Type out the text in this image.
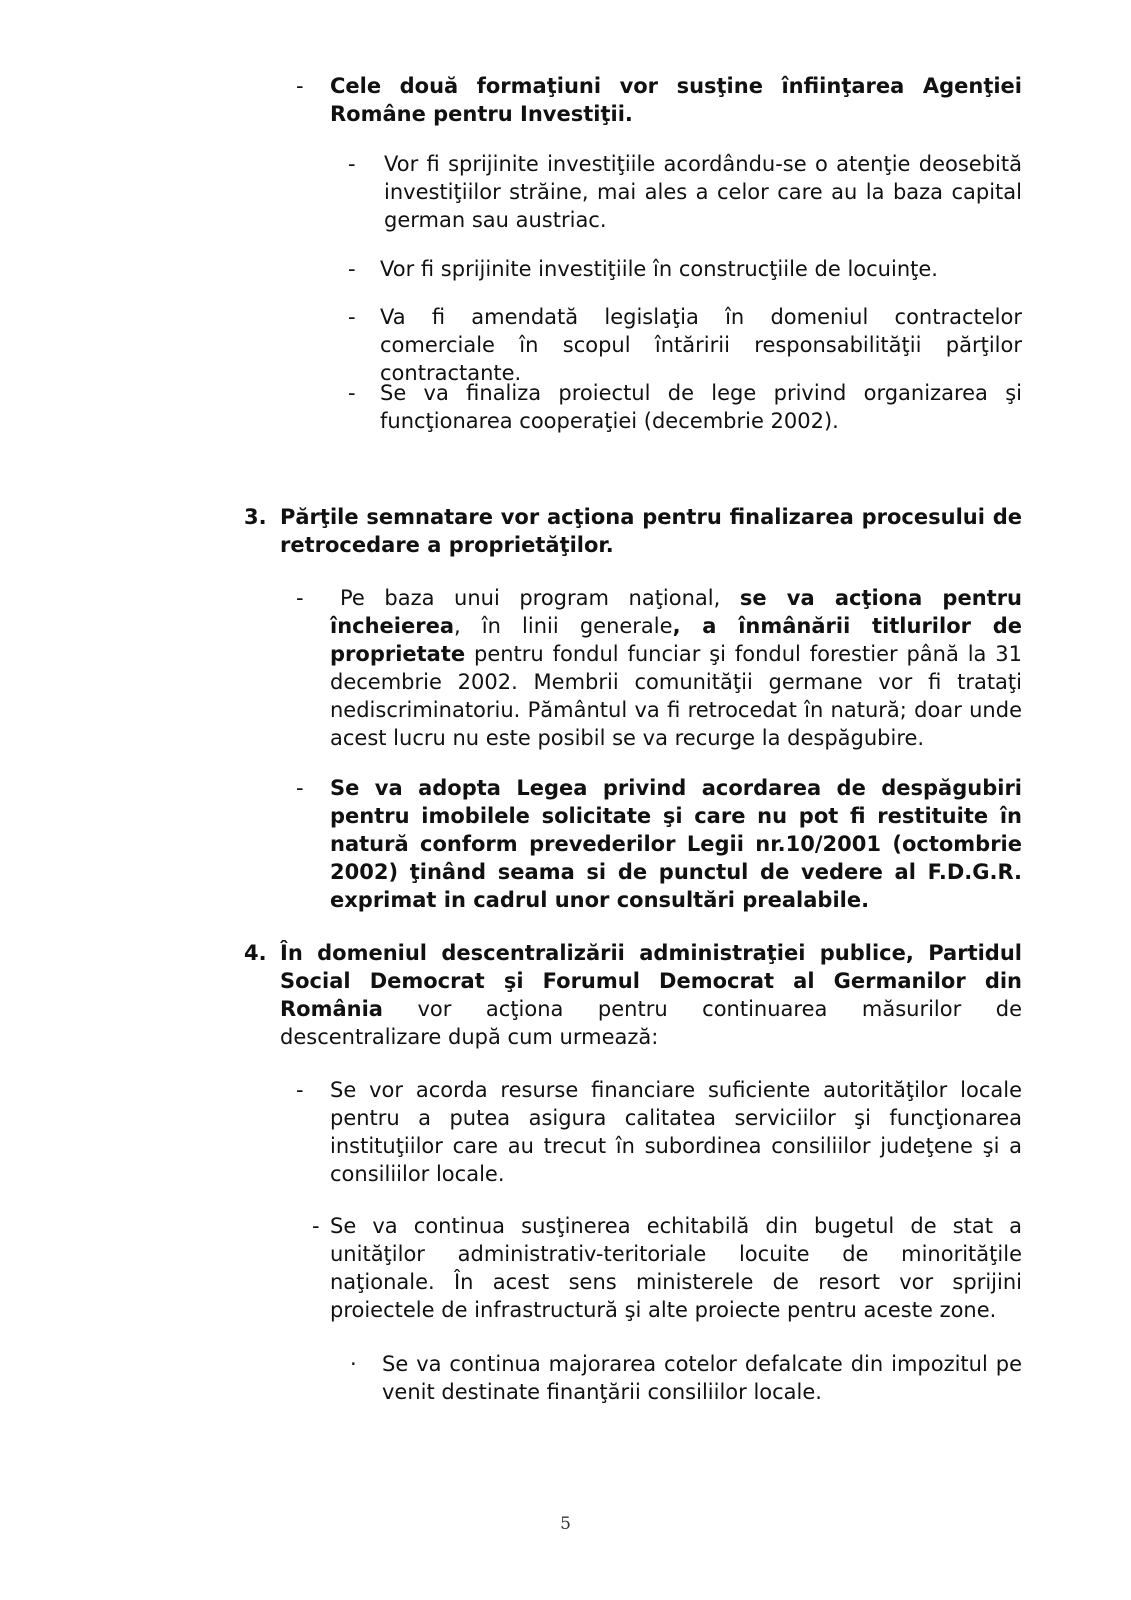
- Cele două formaţiuni vor susţine înfiinţarea Agenţiei Române pentru Investiţii.
- Vor fi sprijinite investiţiile acordându-se o atenţie deosebită investiţiilor străine, mai ales a celor care au la baza capital german sau austriac.
- Vor fi sprijinite investiţiile în construcţiile de locuinţe.
- Va fi amendată legislaţia în domeniul contractelor comerciale în scopul întăririi responsabilităţii părţilor contractante.
- Se va finaliza proiectul de lege privind organizarea şi funcţionarea cooperaţiei (decembrie 2002).
3. Părţile semnatare vor acţiona pentru finalizarea procesului de retrocedare a proprietăţilor.
-	Pe baza unui program naţional, se va acţiona pentru încheierea, în linii generale, a înmânării titlurilor de proprietate pentru fondul funciar şi fondul forestier până la 31 decembrie 2002. Membrii comunităţii germane vor fi trataţi nediscriminatoriu. Pământul va fi retrocedat în natură; doar unde acest lucru nu este posibil se va recurge la despăgubire.
- Se va adopta Legea privind acordarea de despăgubiri pentru imobilele solicitate şi care nu pot fi restituite în natură conform prevederilor Legii nr.10/2001 (octombrie 2002) ţinând seama si de punctul de vedere al F.D.G.R. exprimat in cadrul unor consultări prealabile.
4. În domeniul descentralizării administraţiei publice, Partidul Social Democrat şi Forumul Democrat al Germanilor din România vor acţiona pentru continuarea măsurilor de descentralizare după cum urmează:
- Se vor acorda resurse financiare suficiente autorităţilor locale pentru a putea asigura calitatea serviciilor şi funcţionarea instituţiilor care au trecut în subordinea consiliilor judeţene şi a consiliilor locale.
- Se va continua susţinerea echitabilă din bugetul de stat a unităţilor administrativ-teritoriale locuite de minorităţile naţionale. În acest sens ministerele de resort vor sprijini proiectele de infrastructură şi alte proiecte pentru aceste zone.
· Se va continua majorarea cotelor defalcate din impozitul pe venit destinate finanţării consiliilor locale.
5
